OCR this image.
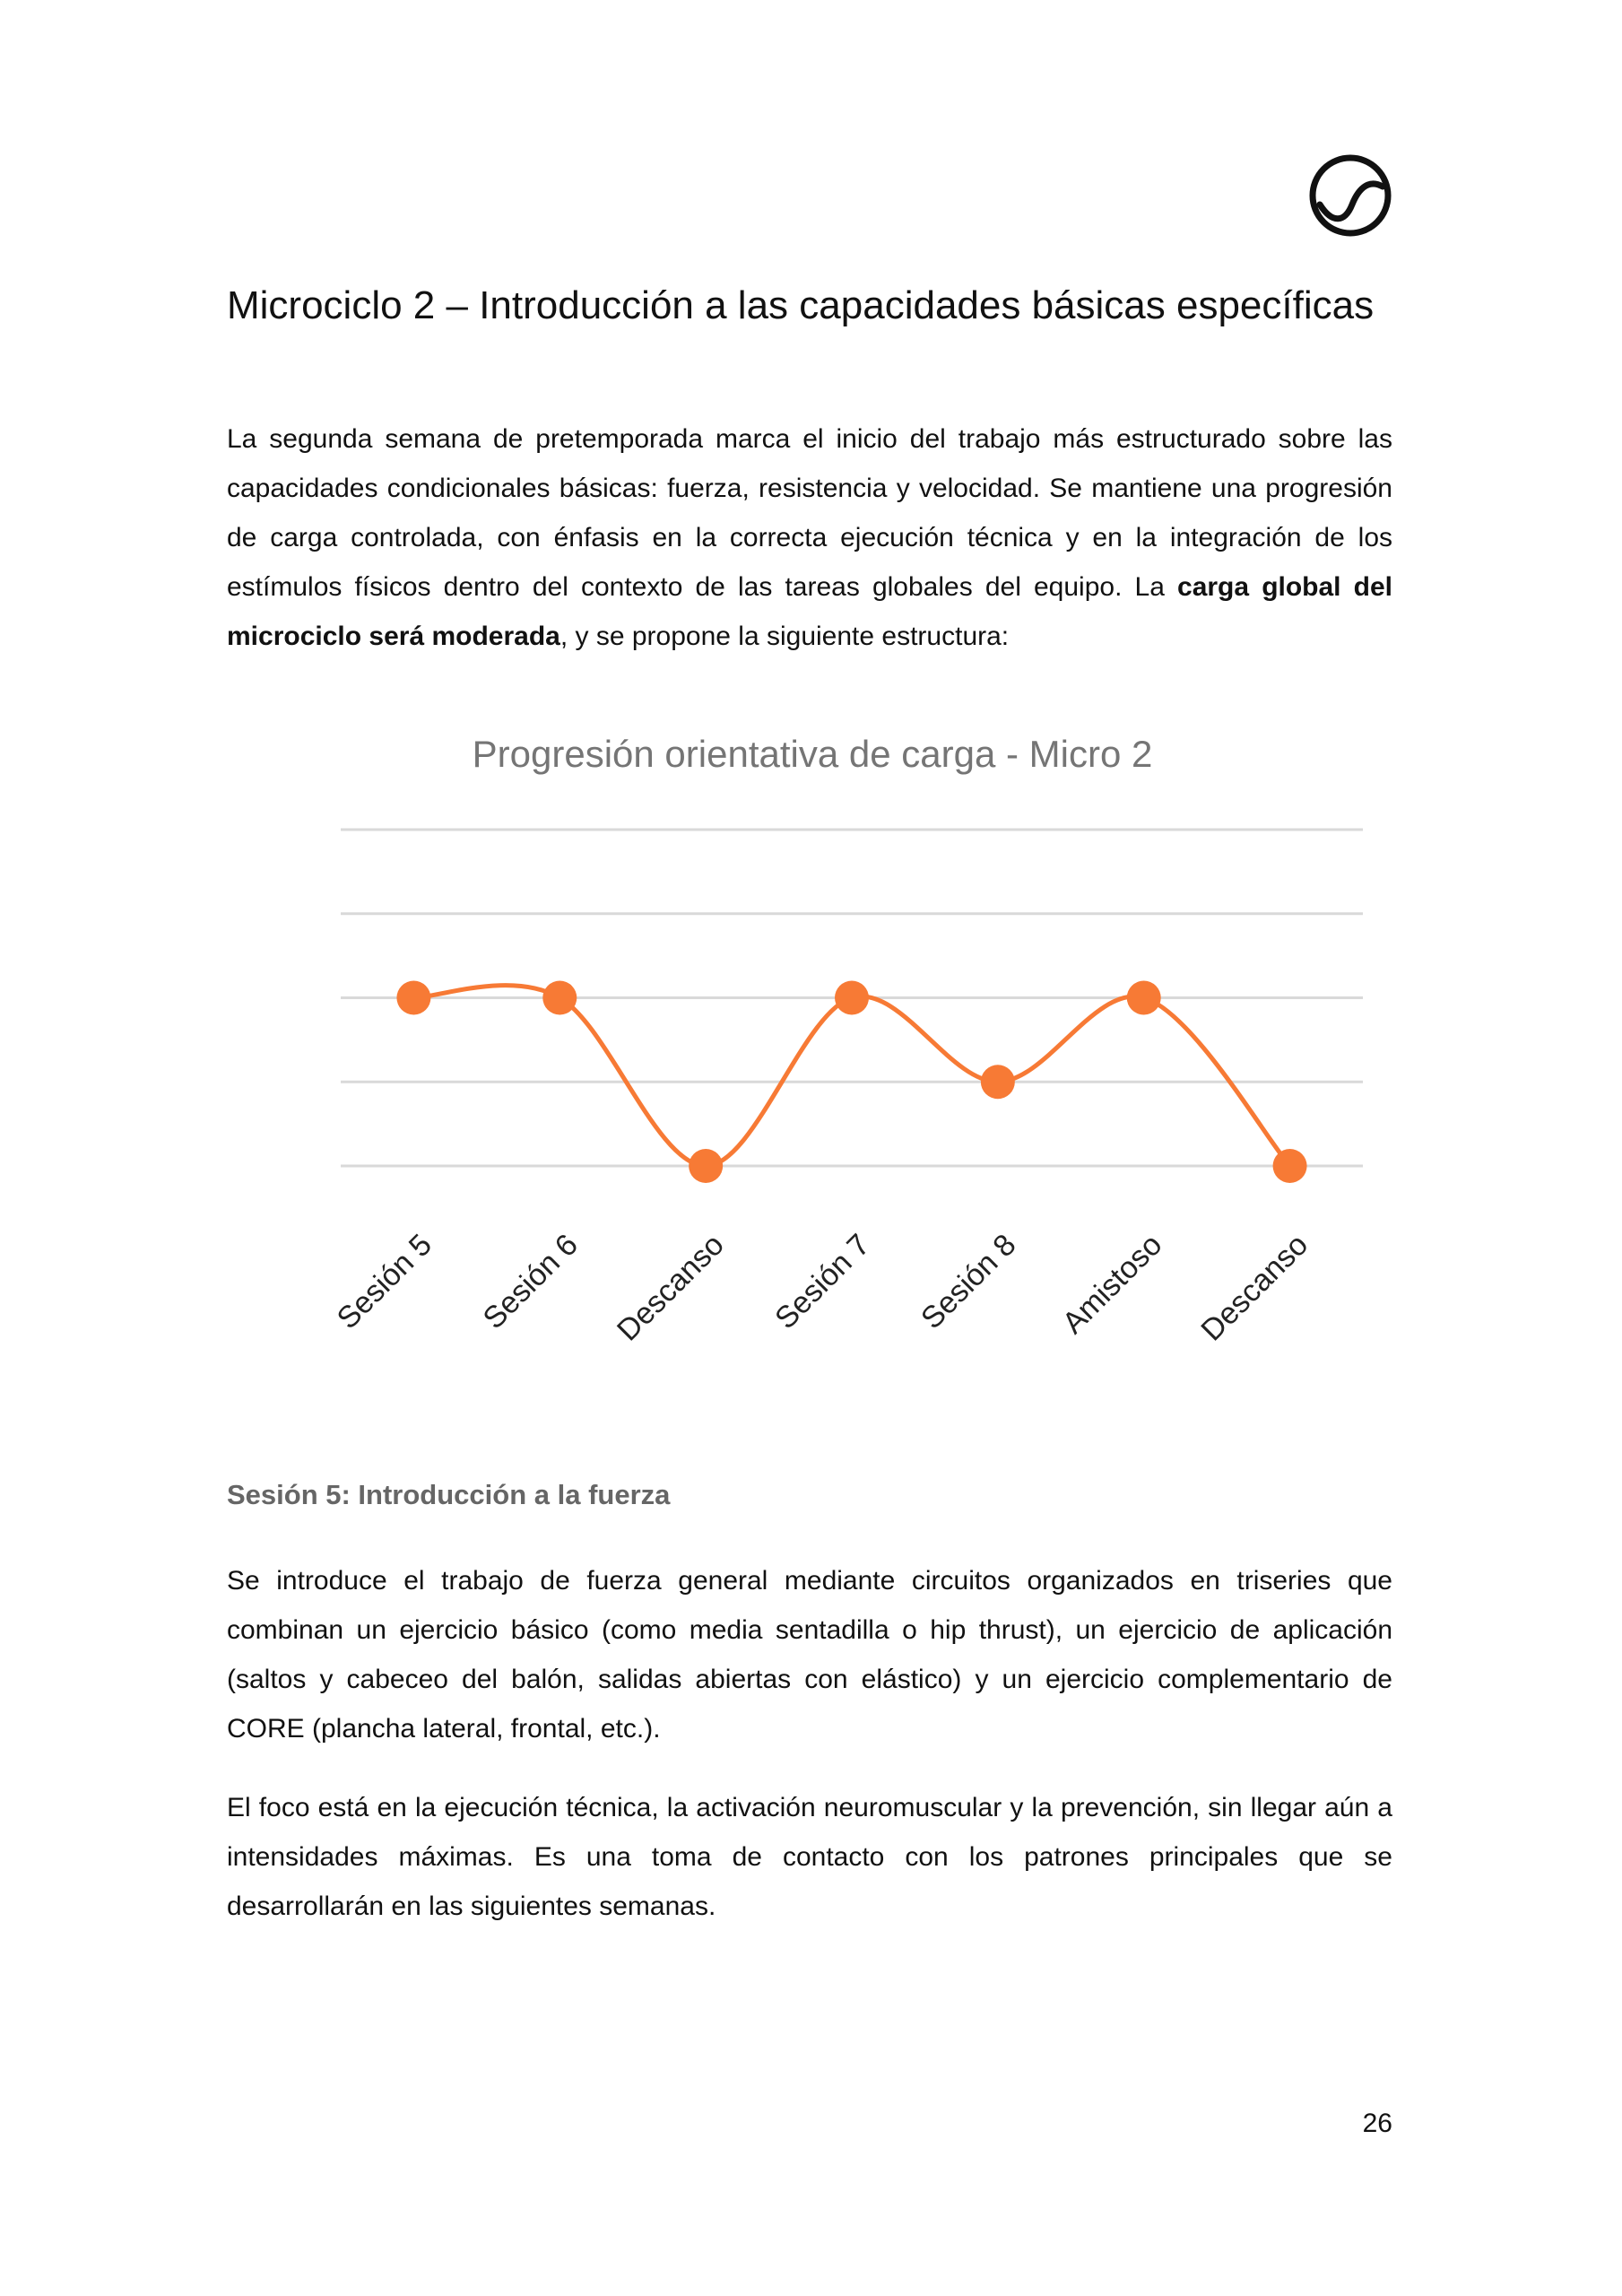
Microciclo 2 – Introducción a las capacidades básicas específicas

La segunda semana de pretemporada marca el inicio del trabajo más estructurado sobre las capacidades condicionales básicas: fuerza, resistencia y velocidad. Se mantiene una progresión de carga controlada, con énfasis en la correcta ejecución técnica y en la integración de los estímulos físicos dentro del contexto de las tareas globales del equipo. La carga global del microciclo será moderada, y se propone la siguiente estructura:

Progresión orientativa de carga - Micro 2
Sesión 5 Sesión 6 Descanso Sesión 7 Sesión 8 Amistoso Descanso
Sesión 5: Introducción a la fuerza

Se introduce el trabajo de fuerza general mediante circuitos organizados en triseries que combinan un ejercicio básico (como media sentadilla o hip thrust), un ejercicio de aplicación (saltos y cabeceo del balón, salidas abiertas con elástico) y un ejercicio complementario de CORE (plancha lateral, frontal, etc.).

El foco está en la ejecución técnica, la activación neuromuscular y la prevención, sin llegar aún a intensidades máximas. Es una toma de contacto con los patrones principales que se desarrollarán en las siguientes semanas.

26
